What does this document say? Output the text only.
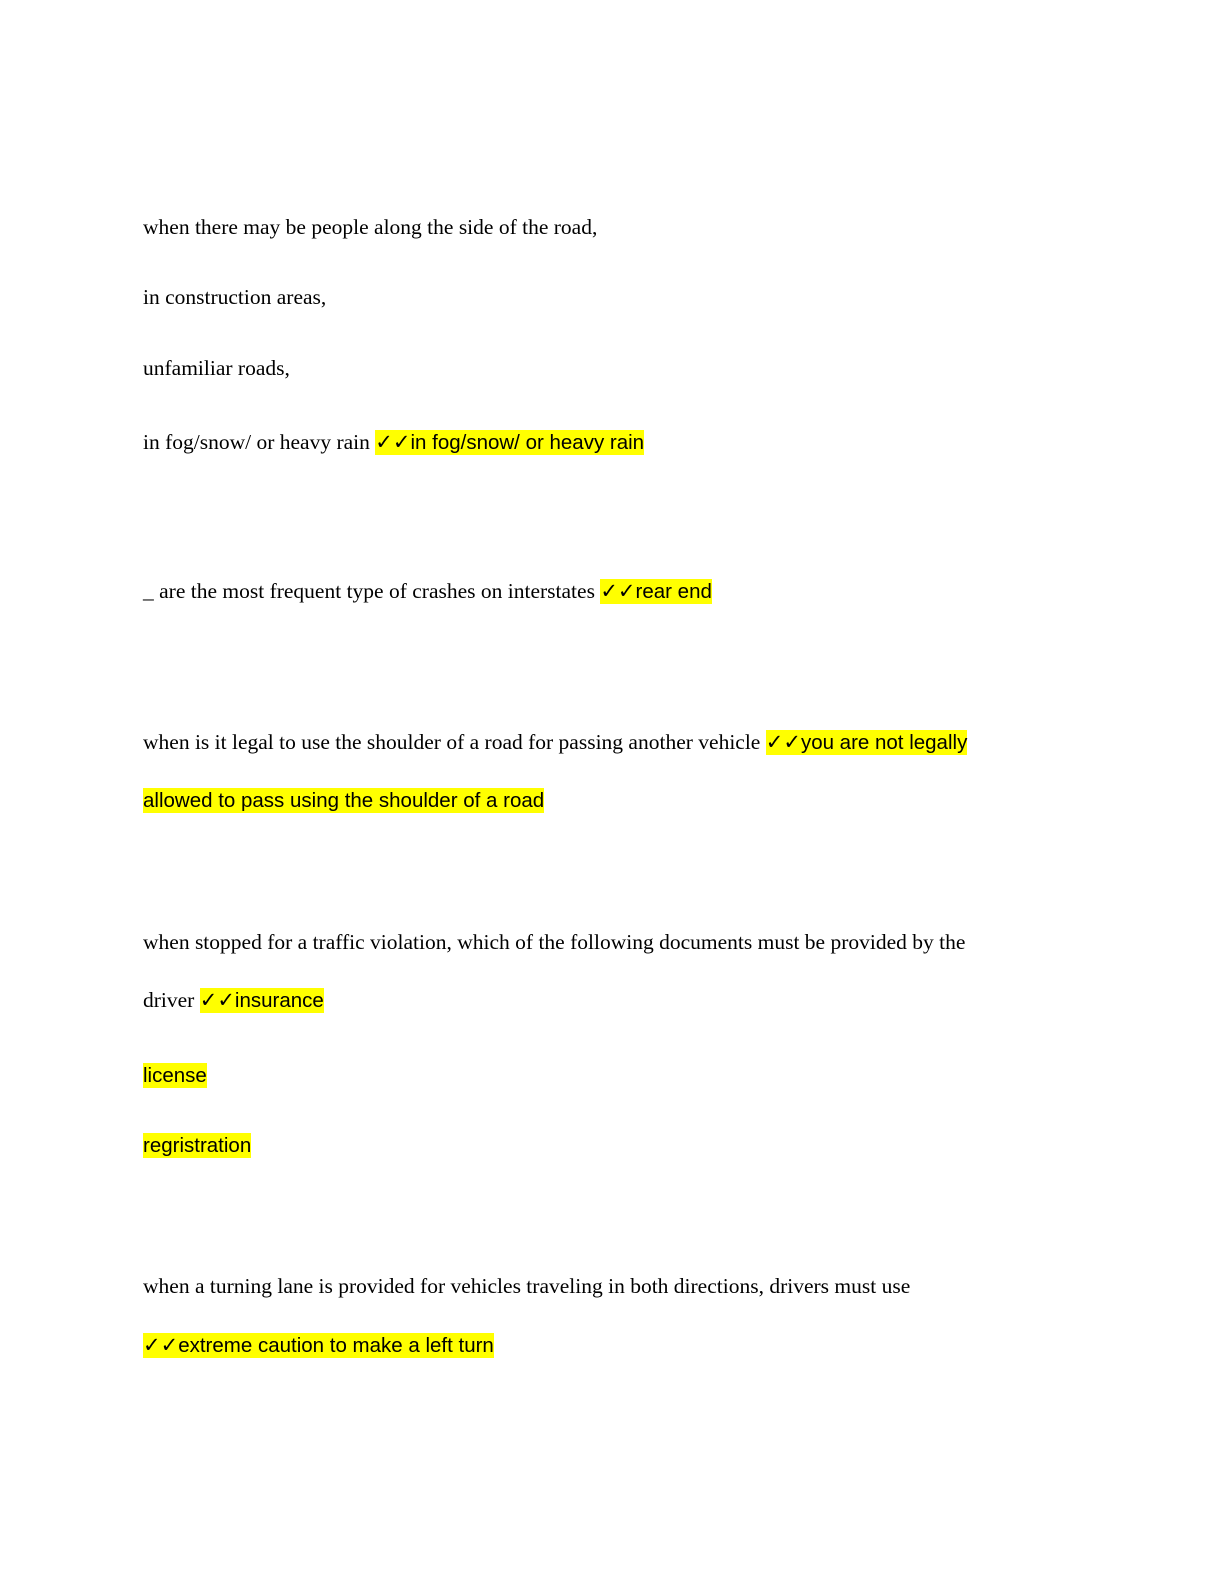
when there may be people along the side of the road,
in construction areas,
unfamiliar roads,
in fog/snow/ or heavy rain ✓✓in fog/snow/ or heavy rain
_ are the most frequent type of crashes on interstates ✓✓rear end
when is it legal to use the shoulder of a road for passing another vehicle ✓✓you are not legally
allowed to pass using the shoulder of a road
when stopped for a traffic violation, which of the following documents must be provided by the
driver ✓✓insurance
license
regristration
when a turning lane is provided for vehicles traveling in both directions, drivers must use
✓✓extreme caution to make a left turn
